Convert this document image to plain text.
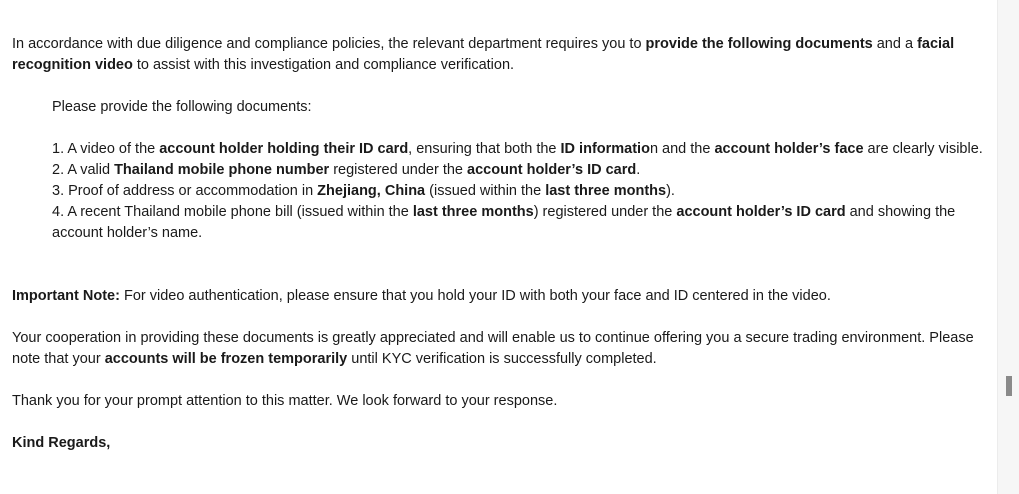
In accordance with due diligence and compliance policies, the relevant department requires you to provide the following documents and a facial recognition video to assist with this investigation and compliance verification.

Please provide the following documents:

1. A video of the account holder holding their ID card, ensuring that both the ID information and the account holder’s face are clearly visible.

2. A valid Thailand mobile phone number registered under the account holder’s ID card.

3. Proof of address or accommodation in Zhejiang, China (issued within the last three months).

4. A recent Thailand mobile phone bill (issued within the last three months) registered under the account holder’s ID card and showing the account holder’s name.

Important Note: For video authentication, please ensure that you hold your ID with both your face and ID centered in the video.

Your cooperation in providing these documents is greatly appreciated and will enable us to continue offering you a secure trading environment. Please note that your accounts will be frozen temporarily until KYC verification is successfully completed.

Thank you for your prompt attention to this matter. We look forward to your response.

Kind Regards,
